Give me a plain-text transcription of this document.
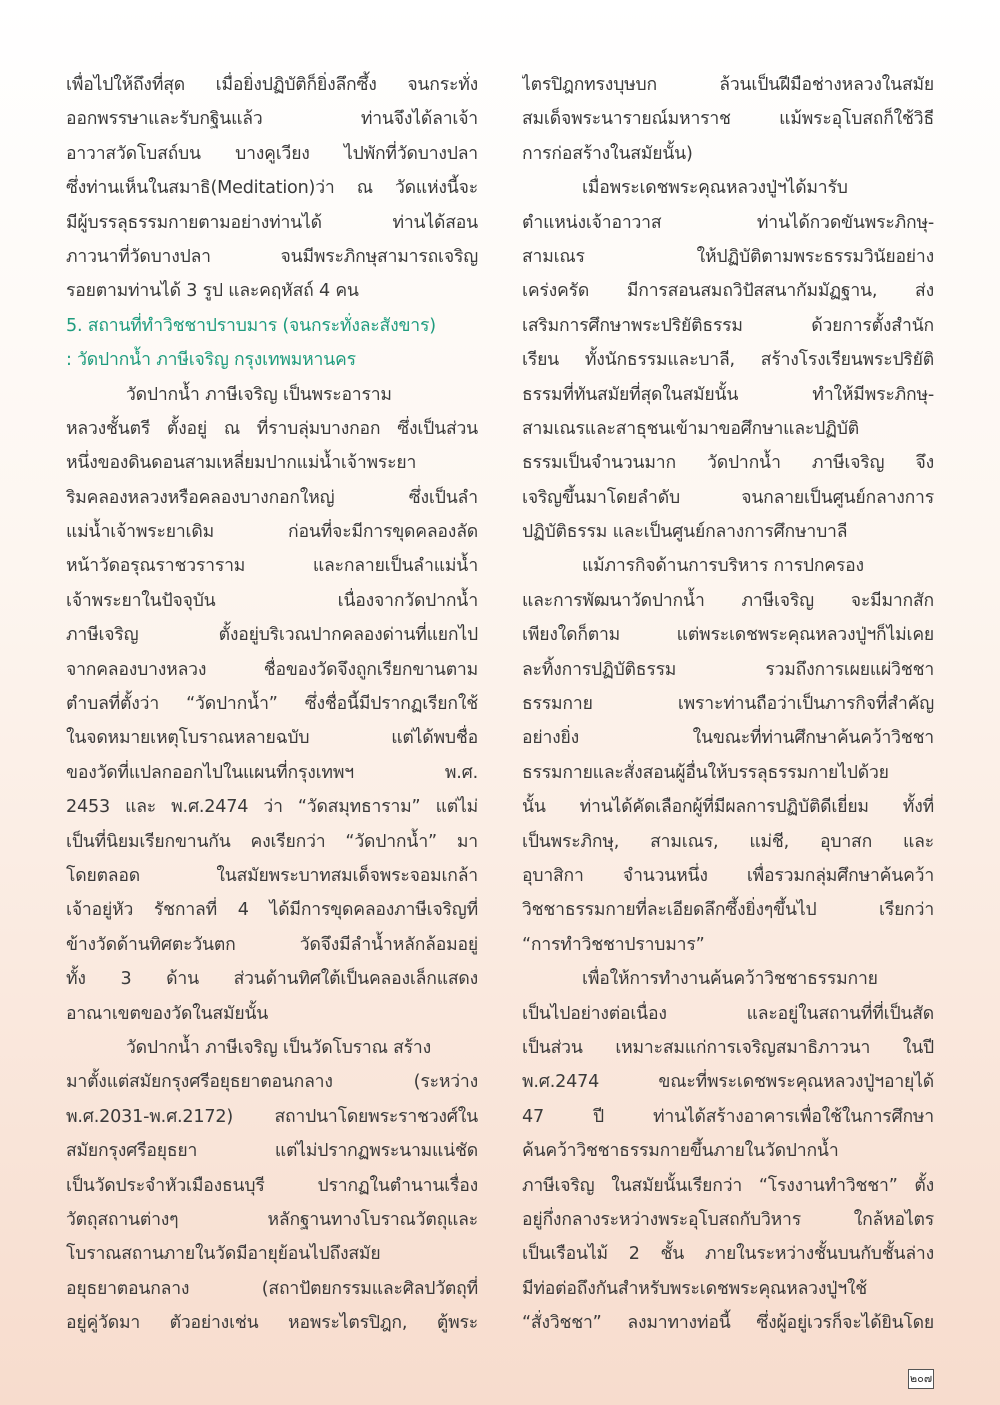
เพื่อไปให้ถึงที่สุด เมื่อยิ่งปฏิบัติก็ยิ่งลึกซึ้ง จนกระทั่ง
ออกพรรษาและรับกฐินแล้ว ท่านจึงได้ลาเจ้า
อาวาสวัดโบสถ์บน บางคูเวียง ไปพักที่วัดบางปลา
ซึ่งท่านเห็นในสมาธิ(Meditation)ว่า ณ วัดแห่งนี้จะ
มีผู้บรรลุธรรมกายตามอย่างท่านได้ ท่านได้สอน
ภาวนาที่วัดบางปลา จนมีพระภิกษุสามารถเจริญ
รอยตามท่านได้ 3 รูป และคฤหัสถ์ 4 คน
5. สถานที่ทำวิชชาปราบมาร (จนกระทั่งละสังขาร)
: วัดปากน้ำ ภาษีเจริญ กรุงเทพมหานคร
วัดปากน้ำ ภาษีเจริญ เป็นพระอาราม
หลวงชั้นตรี ตั้งอยู่ ณ ที่ราบลุ่มบางกอก ซึ่งเป็นส่วน
หนึ่งของดินดอนสามเหลี่ยมปากแม่น้ำเจ้าพระยา
ริมคลองหลวงหรือคลองบางกอกใหญ่ ซึ่งเป็นลำ
แม่น้ำเจ้าพระยาเดิม ก่อนที่จะมีการขุดคลองลัด
หน้าวัดอรุณราชวราราม และกลายเป็นลำแม่น้ำ
เจ้าพระยาในปัจจุบัน เนื่องจากวัดปากน้ำ
ภาษีเจริญ ตั้งอยู่บริเวณปากคลองด่านที่แยกไป
จากคลองบางหลวง ชื่อของวัดจึงถูกเรียกขานตาม
ตำบลที่ตั้งว่า “วัดปากน้ำ” ซึ่งชื่อนี้มีปรากฏเรียกใช้
ในจดหมายเหตุโบราณหลายฉบับ แต่ได้พบชื่อ
ของวัดที่แปลกออกไปในแผนที่กรุงเทพฯ พ.ศ.
2453 และ พ.ศ.2474 ว่า “วัดสมุทธาราม” แต่ไม่
เป็นที่นิยมเรียกขานกัน คงเรียกว่า “วัดปากน้ำ” มา
โดยตลอด ในสมัยพระบาทสมเด็จพระจอมเกล้า
เจ้าอยู่หัว รัชกาลที่ 4 ได้มีการขุดคลองภาษีเจริญที่
ข้างวัดด้านทิศตะวันตก วัดจึงมีลำน้ำหลักล้อมอยู่
ทั้ง 3 ด้าน ส่วนด้านทิศใต้เป็นคลองเล็กแสดง
อาณาเขตของวัดในสมัยนั้น
วัดปากน้ำ ภาษีเจริญ เป็นวัดโบราณ สร้าง
มาตั้งแต่สมัยกรุงศรีอยุธยาตอนกลาง (ระหว่าง
พ.ศ.2031-พ.ศ.2172) สถาปนาโดยพระราชวงศ์ใน
สมัยกรุงศรีอยุธยา แต่ไม่ปรากฏพระนามแน่ชัด
เป็นวัดประจำหัวเมืองธนบุรี ปรากฏในตำนานเรื่อง
วัตถุสถานต่างๆ หลักฐานทางโบราณวัตถุและ
โบราณสถานภายในวัดมีอายุย้อนไปถึงสมัย
อยุธยาตอนกลาง (สถาปัตยกรรมและศิลปวัตถุที่
อยู่คู่วัดมา ตัวอย่างเช่น หอพระไตรปิฎก, ตู้พระ
ไตรปิฎกทรงบุษบก ล้วนเป็นฝีมือช่างหลวงในสมัย
สมเด็จพระนารายณ์มหาราช แม้พระอุโบสถก็ใช้วิธี
การก่อสร้างในสมัยนั้น)
เมื่อพระเดชพระคุณหลวงปู่ฯได้มารับ
ตำแหน่งเจ้าอาวาส ท่านได้กวดขันพระภิกษุ-
สามเณร ให้ปฏิบัติตามพระธรรมวินัยอย่าง
เคร่งครัด มีการสอนสมถวิปัสสนากัมมัฏฐาน, ส่ง
เสริมการศึกษาพระปริยัติธรรม ด้วยการตั้งสำนัก
เรียน ทั้งนักธรรมและบาลี, สร้างโรงเรียนพระปริยัติ
ธรรมที่ทันสมัยที่สุดในสมัยนั้น ทำให้มีพระภิกษุ-
สามเณรและสาธุชนเข้ามาขอศึกษาและปฏิบัติ
ธรรมเป็นจำนวนมาก วัดปากน้ำ ภาษีเจริญ จึง
เจริญขึ้นมาโดยลำดับ จนกลายเป็นศูนย์กลางการ
ปฏิบัติธรรม และเป็นศูนย์กลางการศึกษาบาลี
แม้ภารกิจด้านการบริหาร การปกครอง
และการพัฒนาวัดปากน้ำ ภาษีเจริญ จะมีมากสัก
เพียงใดก็ตาม แต่พระเดชพระคุณหลวงปู่ฯก็ไม่เคย
ละทิ้งการปฏิบัติธรรม รวมถึงการเผยแผ่วิชชา
ธรรมกาย เพราะท่านถือว่าเป็นภารกิจที่สำคัญ
อย่างยิ่ง ในขณะที่ท่านศึกษาค้นคว้าวิชชา
ธรรมกายและสั่งสอนผู้อื่นให้บรรลุธรรมกายไปด้วย
นั้น ท่านได้คัดเลือกผู้ที่มีผลการปฏิบัติดีเยี่ยม ทั้งที่
เป็นพระภิกษุ, สามเณร, แม่ชี, อุบาสก และ
อุบาสิกา จำนวนหนึ่ง เพื่อรวมกลุ่มศึกษาค้นคว้า
วิชชาธรรมกายที่ละเอียดลึกซึ้งยิ่งๆขึ้นไป เรียกว่า
“การทำวิชชาปราบมาร”
เพื่อให้การทำงานค้นคว้าวิชชาธรรมกาย
เป็นไปอย่างต่อเนื่อง และอยู่ในสถานที่ที่เป็นสัด
เป็นส่วน เหมาะสมแก่การเจริญสมาธิภาวนา ในปี
พ.ศ.2474 ขณะที่พระเดชพระคุณหลวงปู่ฯอายุได้
47 ปี ท่านได้สร้างอาคารเพื่อใช้ในการศึกษา
ค้นคว้าวิชชาธรรมกายขึ้นภายในวัดปากน้ำ
ภาษีเจริญ ในสมัยนั้นเรียกว่า “โรงงานทำวิชชา” ตั้ง
อยู่กึ่งกลางระหว่างพระอุโบสถกับวิหาร ใกล้หอไตร
เป็นเรือนไม้ 2 ชั้น ภายในระหว่างชั้นบนกับชั้นล่าง
มีท่อต่อถึงกันสำหรับพระเดชพระคุณหลวงปู่ฯใช้
“สั่งวิชชา” ลงมาทางท่อนี้ ซึ่งผู้อยู่เวรก็จะได้ยินโดย
๒๐๗
